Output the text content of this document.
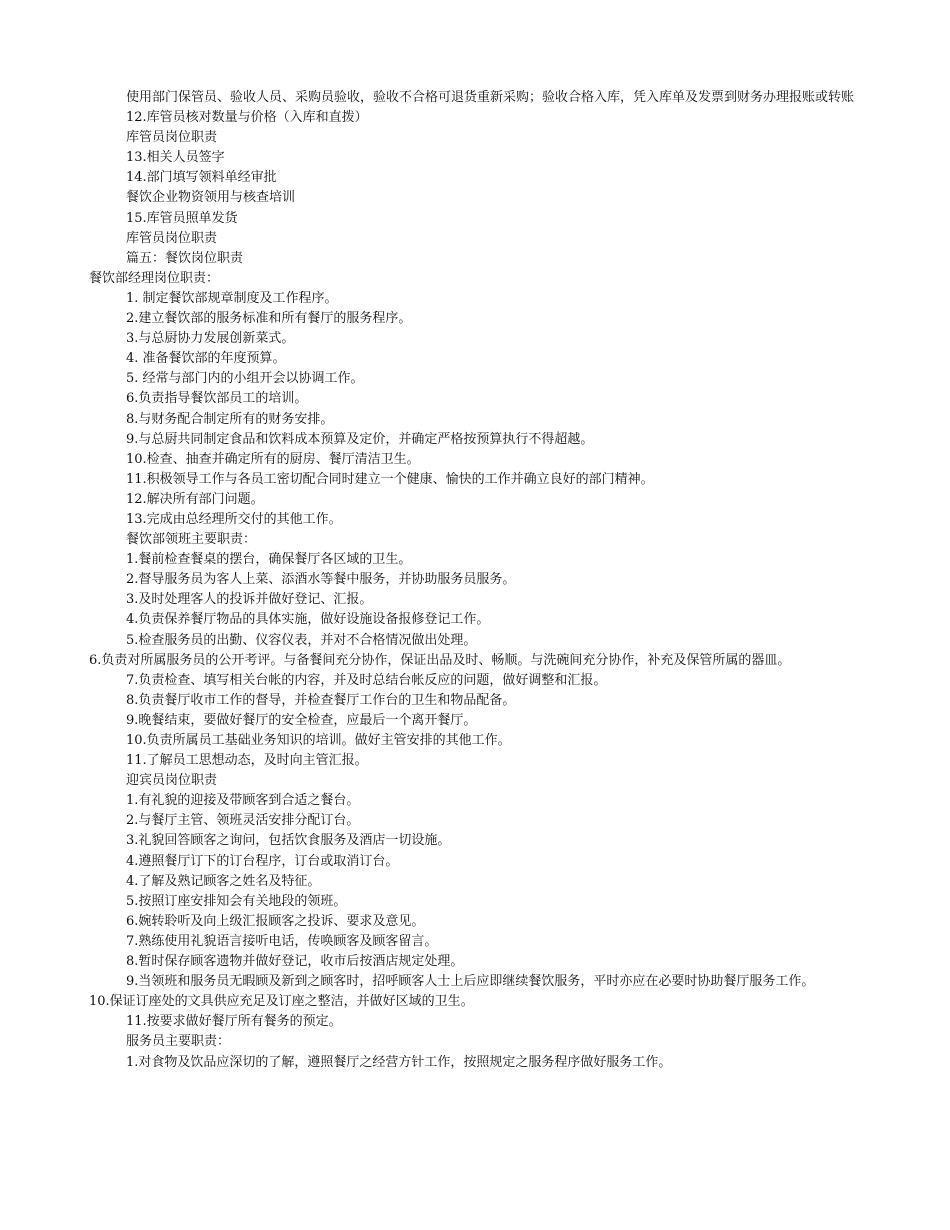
使用部门保管员、验收人员、采购员验收，验收不合格可退货重新采购；验收合格入库，凭入库单及发票到财务办理报账或转账

12.库管员核对数量与价格（入库和直拨）

库管员岗位职责

13.相关人员签字

14.部门填写领料单经审批

餐饮企业物资领用与核查培训

15.库管员照单发货

库管员岗位职责

篇五：餐饮岗位职责

餐饮部经理岗位职责：

1. 制定餐饮部规章制度及工作程序。

2.建立餐饮部的服务标准和所有餐厅的服务程序。

3.与总厨协力发展创新菜式。

4. 准备餐饮部的年度预算。

5. 经常与部门内的小组开会以协调工作。

6.负责指导餐饮部员工的培训。

8.与财务配合制定所有的财务安排。

9.与总厨共同制定食品和饮料成本预算及定价，并确定严格按预算执行不得超越。

10.检查、抽查并确定所有的厨房、餐厅清洁卫生。

11.积极领导工作与各员工密切配合同时建立一个健康、愉快的工作并确立良好的部门精神。

12.解决所有部门问题。

13.完成由总经理所交付的其他工作。

餐饮部领班主要职责：

1.餐前检查餐桌的摆台，确保餐厅各区域的卫生。

2.督导服务员为客人上菜、添酒水等餐中服务，并协助服务员服务。

3.及时处理客人的投诉并做好登记、汇报。

4.负责保养餐厅物品的具体实施，做好设施设备报修登记工作。

5.检查服务员的出勤、仪容仪表，并对不合格情况做出处理。

6.负责对所属服务员的公开考评。与备餐间充分协作，保证出品及时、畅顺。与洗碗间充分协作，补充及保管所属的器皿。

7.负责检查、填写相关台帐的内容，并及时总结台帐反应的问题，做好调整和汇报。

8.负责餐厅收市工作的督导，并检查餐厅工作台的卫生和物品配备。

9.晚餐结束，要做好餐厅的安全检查，应最后一个离开餐厅。

10.负责所属员工基础业务知识的培训。做好主管安排的其他工作。

11.了解员工思想动态，及时向主管汇报。

迎宾员岗位职责

1.有礼貌的迎接及带顾客到合适之餐台。

2.与餐厅主管、领班灵活安排分配订台。

3.礼貌回答顾客之询问，包括饮食服务及酒店一切设施。

4.遵照餐厅订下的订台程序，订台或取消订台。

4.了解及熟记顾客之姓名及特征。

5.按照订座安排知会有关地段的领班。

6.婉转聆听及向上级汇报顾客之投诉、要求及意见。

7.熟练使用礼貌语言接听电话，传唤顾客及顾客留言。

8.暂时保存顾客遗物并做好登记，收市后按酒店规定处理。

9.当领班和服务员无暇顾及新到之顾客时，招呼顾客人士上后应即继续餐饮服务，平时亦应在必要时协助餐厅服务工作。

10.保证订座处的文具供应充足及订座之整洁，并做好区域的卫生。

11.按要求做好餐厅所有餐务的预定。

服务员主要职责：

1.对食物及饮品应深切的了解，遵照餐厅之经营方针工作，按照规定之服务程序做好服务工作。
